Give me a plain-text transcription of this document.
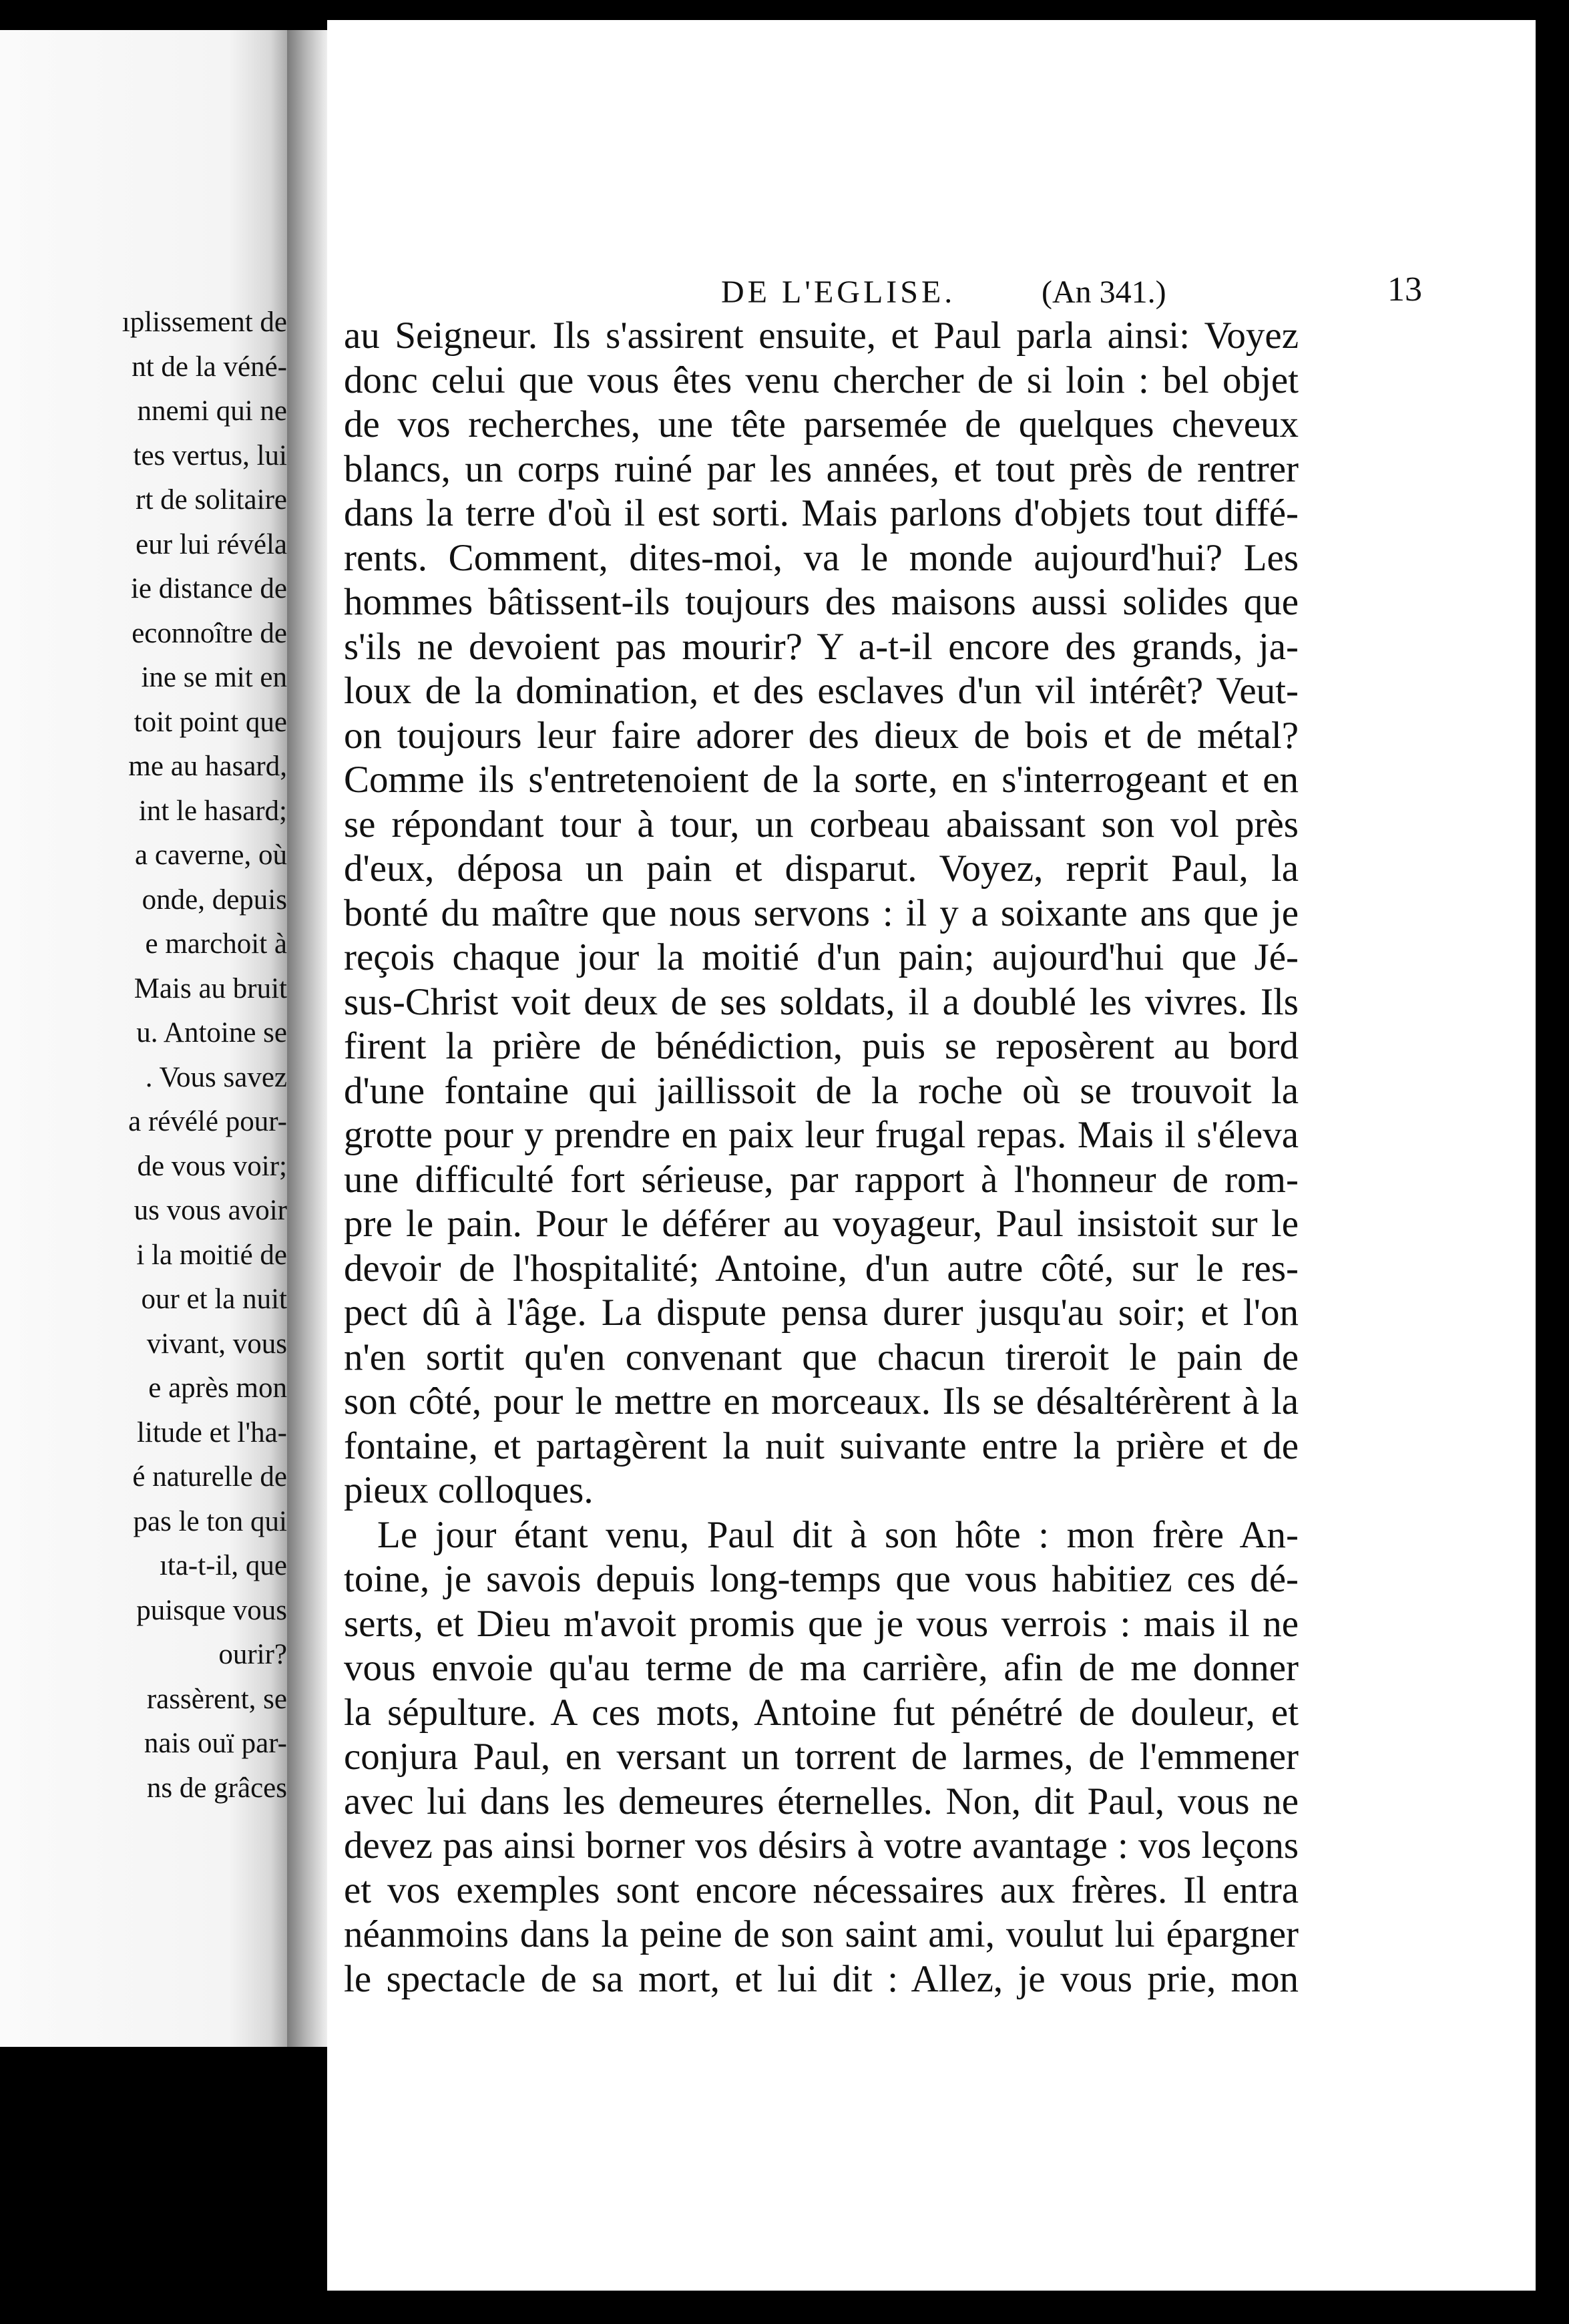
ıplissement de
nt de la véné-
nnemi qui ne
tes vertus, lui
rt de solitaire
eur lui révéla
ie distance de
econnoître de
ine se mit en
toit point que
me au hasard,
int le hasard;
a caverne, où
onde, depuis
e marchoit à
Mais au bruit
u. Antoine se
. Vous savez
a révélé pour-
de vous voir;
us vous avoir
i la moitié de
our et la nuit
vivant, vous
e après mon
litude et l'ha-
é naturelle de
pas le ton qui
ıta-t-il, que
puisque vous
ourir?
rassèrent, se
nais ouï par-
ns de grâces
DE L'EGLISE.	(An 341.)	13
au Seigneur. Ils s'assirent ensuite, et Paul parla ainsi: Voyez
donc celui que vous êtes venu chercher de si loin : bel objet
de vos recherches, une tête parsemée de quelques cheveux
blancs, un corps ruiné par les années, et tout près de rentrer
dans la terre d'où il est sorti. Mais parlons d'objets tout diffé-
rents. Comment, dites-moi, va le monde aujourd'hui? Les
hommes bâtissent-ils toujours des maisons aussi solides que
s'ils ne devoient pas mourir? Y a-t-il encore des grands, ja-
loux de la domination, et des esclaves d'un vil intérêt? Veut-
on toujours leur faire adorer des dieux de bois et de métal?
Comme ils s'entretenoient de la sorte, en s'interrogeant et en
se répondant tour à tour, un corbeau abaissant son vol près
d'eux, déposa un pain et disparut. Voyez, reprit Paul, la
bonté du maître que nous servons : il y a soixante ans que je
reçois chaque jour la moitié d'un pain; aujourd'hui que Jé-
sus-Christ voit deux de ses soldats, il a doublé les vivres. Ils
firent la prière de bénédiction, puis se reposèrent au bord
d'une fontaine qui jaillissoit de la roche où se trouvoit la
grotte pour y prendre en paix leur frugal repas. Mais il s'éleva
une difficulté fort sérieuse, par rapport à l'honneur de rom-
pre le pain. Pour le déférer au voyageur, Paul insistoit sur le
devoir de l'hospitalité; Antoine, d'un autre côté, sur le res-
pect dû à l'âge. La dispute pensa durer jusqu'au soir; et l'on
n'en sortit qu'en convenant que chacun tireroit le pain de
son côté, pour le mettre en morceaux. Ils se désaltérèrent à la
fontaine, et partagèrent la nuit suivante entre la prière et de
pieux colloques.
Le jour étant venu, Paul dit à son hôte : mon frère An-
toine, je savois depuis long-temps que vous habitiez ces dé-
serts, et Dieu m'avoit promis que je vous verrois : mais il ne
vous envoie qu'au terme de ma carrière, afin de me donner
la sépulture. A ces mots, Antoine fut pénétré de douleur, et
conjura Paul, en versant un torrent de larmes, de l'emmener
avec lui dans les demeures éternelles. Non, dit Paul, vous ne
devez pas ainsi borner vos désirs à votre avantage : vos leçons
et vos exemples sont encore nécessaires aux frères. Il entra
néanmoins dans la peine de son saint ami, voulut lui épargner
le spectacle de sa mort, et lui dit : Allez, je vous prie, mon
